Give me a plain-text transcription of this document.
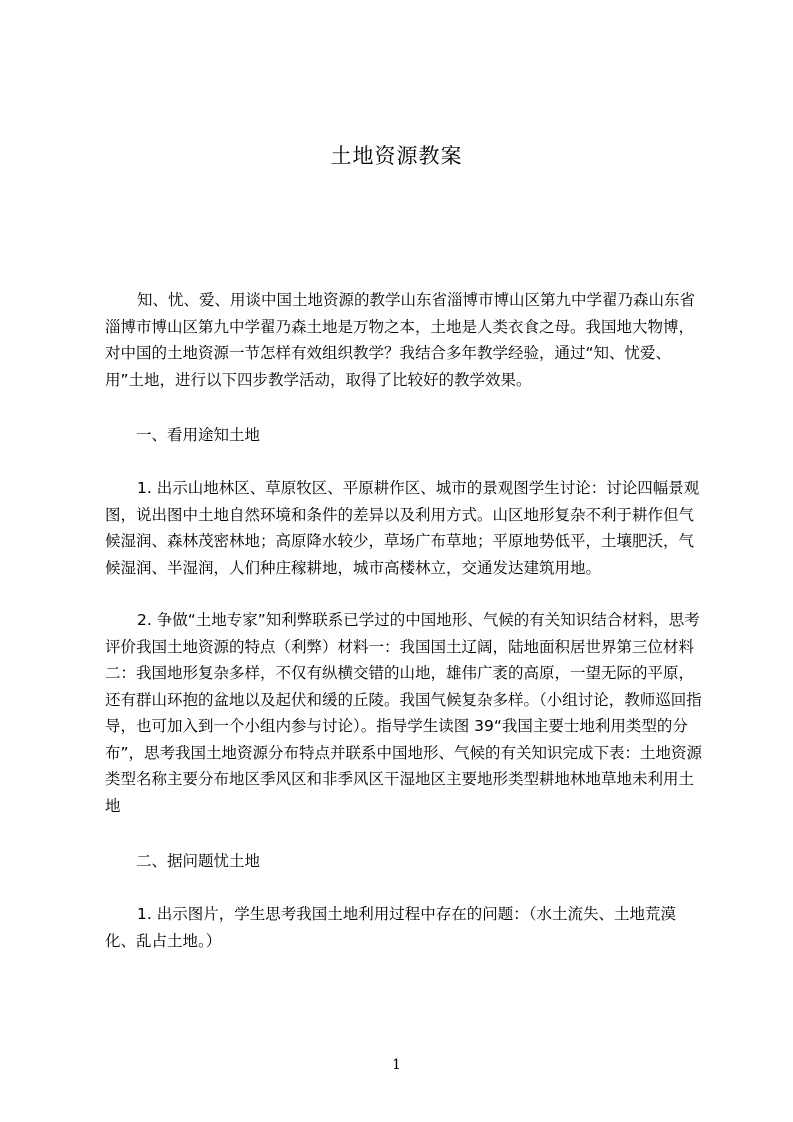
土地资源教案

知、忧、爱、用谈中国土地资源的教学山东省淄博市博山区第九中学翟乃森山东省淄博市博山区第九中学翟乃森土地是万物之本，土地是人类衣食之母。我国地大物博，对中国的土地资源一节怎样有效组织教学？我结合多年教学经验，通过“知、忧爱、用”土地，进行以下四步教学活动，取得了比较好的教学效果。

一、看用途知土地

1. 出示山地林区、草原牧区、平原耕作区、城市的景观图学生讨论：讨论四幅景观图，说出图中土地自然环境和条件的差异以及利用方式。山区地形复杂不利于耕作但气候湿润、森林茂密林地；高原降水较少，草场广布草地；平原地势低平，土壤肥沃，气候湿润、半湿润，人们种庄稼耕地，城市高楼林立，交通发达建筑用地。

2. 争做“土地专家”知利弊联系已学过的中国地形、气候的有关知识结合材料，思考评价我国土地资源的特点（利弊）材料一：我国国土辽阔，陆地面积居世界第三位材料二：我国地形复杂多样，不仅有纵横交错的山地，雄伟广袤的高原，一望无际的平原，还有群山环抱的盆地以及起伏和缓的丘陵。我国气候复杂多样。（小组讨论，教师巡回指导，也可加入到一个小组内参与讨论）。指导学生读图 39“我国主要士地利用类型的分布”，思考我国土地资源分布特点并联系中国地形、气候的有关知识完成下表：土地资源类型名称主要分布地区季风区和非季风区干湿地区主要地形类型耕地林地草地未利用土地

二、据问题忧土地

1. 出示图片，学生思考我国土地利用过程中存在的问题：（水土流失、土地荒漠化、乱占土地。）

1
